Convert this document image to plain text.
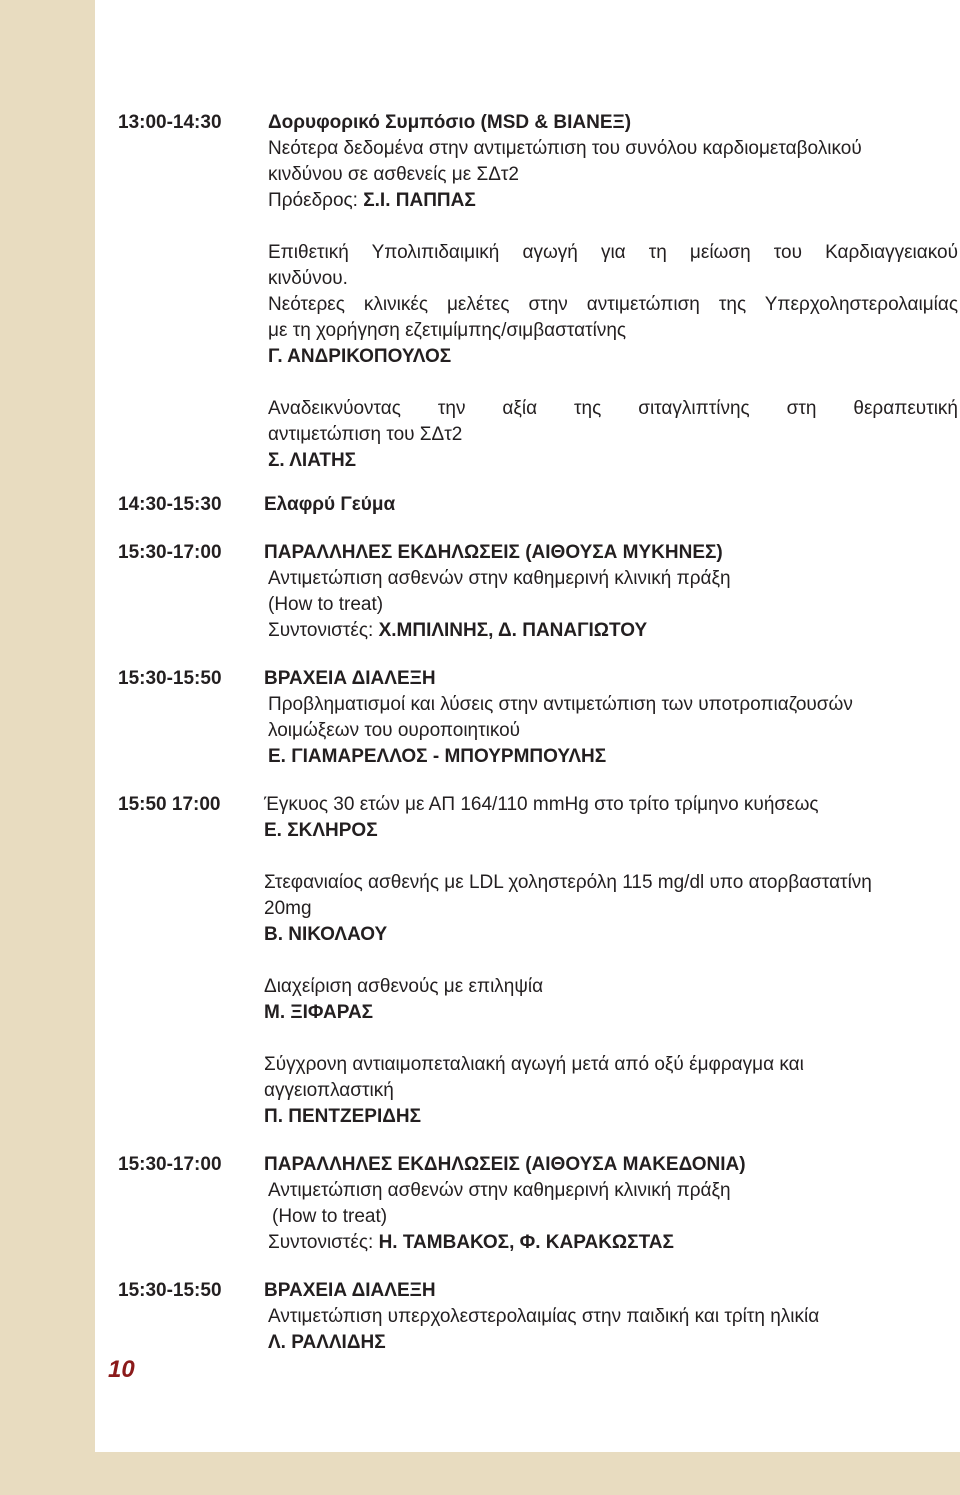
10
13:00-14:30	Δορυφορικό Συμπόσιο (MSD & ΒΙΑΝΕΞ)
Νεότερα δεδομένα στην αντιμετώπιση του συνόλου καρδιομεταβολικού
κινδύνου σε ασθενείς με ΣΔτ2
Πρόεδρος: Σ.Ι. ΠΑΠΠΑΣ
Επιθετική Υπολιπιδαιμική αγωγή για τη μείωση του Καρδιαγγειακού
κινδύνου.
Νεότερες κλινικές μελέτες στην αντιμετώπιση της Υπερχοληστερολαιμίας
με τη χορήγηση εζετιμίμπης/σιμβαστατίνης
Γ. ΑΝΔΡΙΚΟΠΟΥΛΟΣ
Αναδεικνύοντας την αξία της σιταγλιπτίνης στη θεραπευτική
αντιμετώπιση του ΣΔτ2
Σ. ΛΙΑΤΗΣ
14:30-15:30	Ελαφρύ Γεύμα
15:30-17:00	ΠΑΡΑΛΛΗΛΕΣ ΕΚΔΗΛΩΣΕΙΣ (ΑΙΘΟΥΣΑ ΜΥΚΗΝΕΣ)
Αντιμετώπιση ασθενών στην καθημερινή κλινική πράξη
(How to treat)
Συντονιστές: Χ.ΜΠΙΛΙΝΗΣ, Δ. ΠΑΝΑΓΙΩΤΟΥ
15:30-15:50	ΒΡΑΧΕΙΑ ΔΙΑΛΕΞΗ
Προβληματισμοί και λύσεις στην αντιμετώπιση των υποτροπιαζουσών
λοιμώξεων του ουροποιητικού
Ε. ΓΙΑΜΑΡΕΛΛΟΣ - ΜΠΟΥΡΜΠΟΥΛΗΣ
15:50 17:00	Έγκυος 30 ετών με ΑΠ 164/110 mmHg στο τρίτο τρίμηνο κυήσεως
Ε. ΣΚΛΗΡΟΣ
Στεφανιαίος ασθενής με LDL χοληστερόλη 115 mg/dl υπο ατορβαστατίνη
20mg
Β. ΝΙΚΟΛΑΟΥ
Διαχείριση ασθενούς με επιληψία
Μ. ΞΙΦΑΡΑΣ
Σύγχρονη αντιαιμοπεταλιακή αγωγή μετά από οξύ έμφραγμα και
αγγειοπλαστική
Π. ΠΕΝΤΖΕΡΙΔΗΣ
15:30-17:00	ΠΑΡΑΛΛΗΛΕΣ ΕΚΔΗΛΩΣΕΙΣ (ΑΙΘΟΥΣΑ ΜΑΚΕΔΟΝΙΑ)
Αντιμετώπιση ασθενών στην καθημερινή κλινική πράξη
(How to treat)
Συντονιστές: Η. ΤΑΜΒΑΚΟΣ, Φ. ΚΑΡΑΚΩΣΤΑΣ
15:30-15:50	ΒΡΑΧΕΙΑ ΔΙΑΛΕΞΗ
Αντιμετώπιση υπερχολεστερολαιμίας στην παιδική και τρίτη ηλικία
Λ. ΡΑΛΛΙΔΗΣ
